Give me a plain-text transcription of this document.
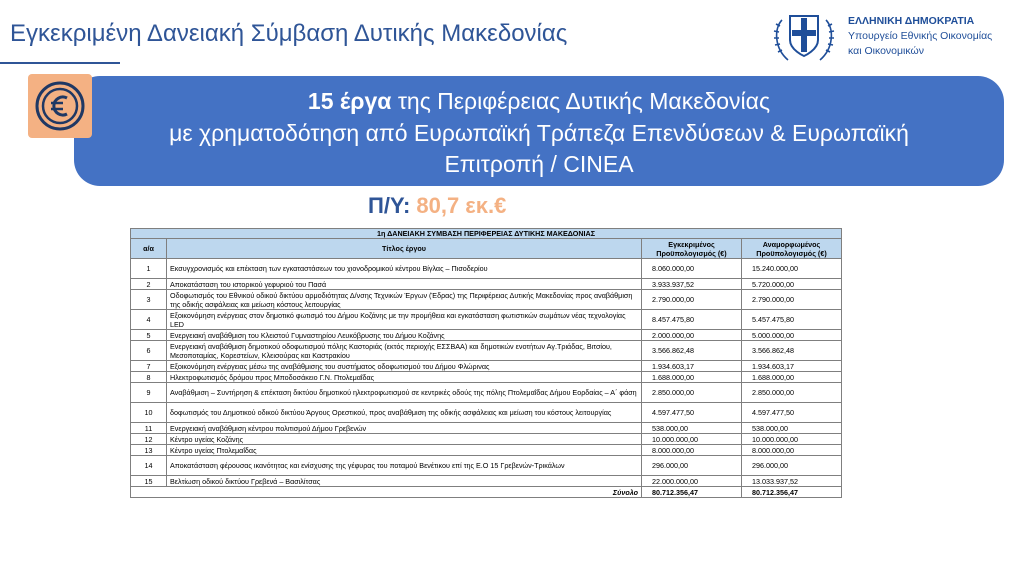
Εγκεκριμένη Δανειακή Σύμβαση Δυτικής Μακεδονίας	ΕΛΛΗΝΙΚΗ ΔΗΜΟΚΡΑΤΙΑ
Υπουργείο Εθνικής Οικονομίας
και Οικονομικών
15 έργα της Περιφέρειας Δυτικής Μακεδονίας
με χρηματοδότηση από Ευρωπαϊκή Τράπεζα Επενδύσεων & Ευρωπαϊκή
Επιτροπή / CINEA
Π/Υ: 80,7 εκ.€
1η ΔΑΝΕΙΑΚΗ ΣΥΜΒΑΣΗ ΠΕΡΙΦΕΡΕΙΑΣ ΔΥΤΙΚΗΣ ΜΑΚΕΔΟΝΙΑΣ			
α/α	Τίτλος έργου	Εγκεκριμένος Προϋπολογισμός (€)	Αναμορφωμένος Προϋπολογισμός (€)
1	Εκσυγχρονισμός και επέκταση των εγκαταστάσεων του χιονοδρομικού κέντρου Βίγλας – Πισοδερίου	8.060.000,00	15.240.000,00
2	Αποκατάσταση του ιστορικού γεφυριού του Πασά	3.933.937,52	5.720.000,00
3	Οδοφωτισμός του Εθνικού οδικού δικτύου αρμοδιότητας Δ/νσης Τεχνικών Έργων (Έδρας) της Περιφέρειας Δυτικής Μακεδονίας προς αναβάθμιση της οδικής ασφάλειας και μείωση κόστους λειτουργίας	2.790.000,00	2.790.000,00
4	Εξοικονόμηση ενέργειας στον δημοτικό φωτισμό του Δήμου Κοζάνης με την προμήθεια και εγκατάσταση φωτιστικών σωμάτων νέας τεχνολογίας LED	8.457.475,80	5.457.475,80
5	Ενεργειακή αναβάθμιση του Κλειστού Γυμναστηρίου Λευκόβρυσης του Δήμου Κοζάνης	2.000.000,00	5.000.000,00
6	Ενεργειακή αναβάθμιση δημοτικού οδοφωτισμού πόλης Καστοριάς (εκτός περιοχής ΕΣΣΒΑΑ) και δημοτικών ενοτήτων Αγ.Τριάδας, Βιτσίου, Μεσοποταμίας, Κορεστείων, Κλεισούρας και Καστρακίου	3.566.862,48	3.566.862,48
7	Εξοικονόμηση ενέργειας μέσω της αναβάθμισης του συστήματος οδοφωτισμού του Δήμου Φλώρινας	1.934.603,17	1.934.603,17
8	Ηλεκτροφωτισμός δρόμου προς Μποδοσάκειο Γ.Ν. Πτολεμαΐδας	1.688.000,00	1.688.000,00
9	Αναβάθμιση – Συντήρηση & επέκταση δικτύου δημοτικού ηλεκτροφωτισμού σε κεντρικές οδούς της πόλης Πτολεμαΐδας Δήμου Εορδαίας – Α΄ φάση	2.850.000,00	2.850.000,00
10	δοφωτισμός του Δημοτικού οδικού δικτύου Άργους Ορεστικού, προς αναβάθμιση της οδικής ασφάλειας και μείωση του κόστους λειτουργίας	4.597.477,50	4.597.477,50
11	Ενεργειακή αναβάθμιση κέντρου πολιτισμού Δήμου Γρεβενών	538.000,00	538.000,00
12	Κέντρο υγείας Κοζάνης	10.000.000,00	10.000.000,00
13	Κέντρο υγείας Πτολεμαΐδας	8.000.000,00	8.000.000,00
14	Αποκατάσταση φέρουσας ικανότητας και ενίσχυσης της γέφυρας του ποταμού Βενέτικου επί της Ε.Ο 15 Γρεβενών-Τρικάλων	296.000,00	296.000,00
15	Βελτίωση οδικού δικτύου Γρεβενά – Βασιλίτσας	22.000.000,00	13.033.937,52
Σύνολο		80.712.356,47	80.712.356,47
